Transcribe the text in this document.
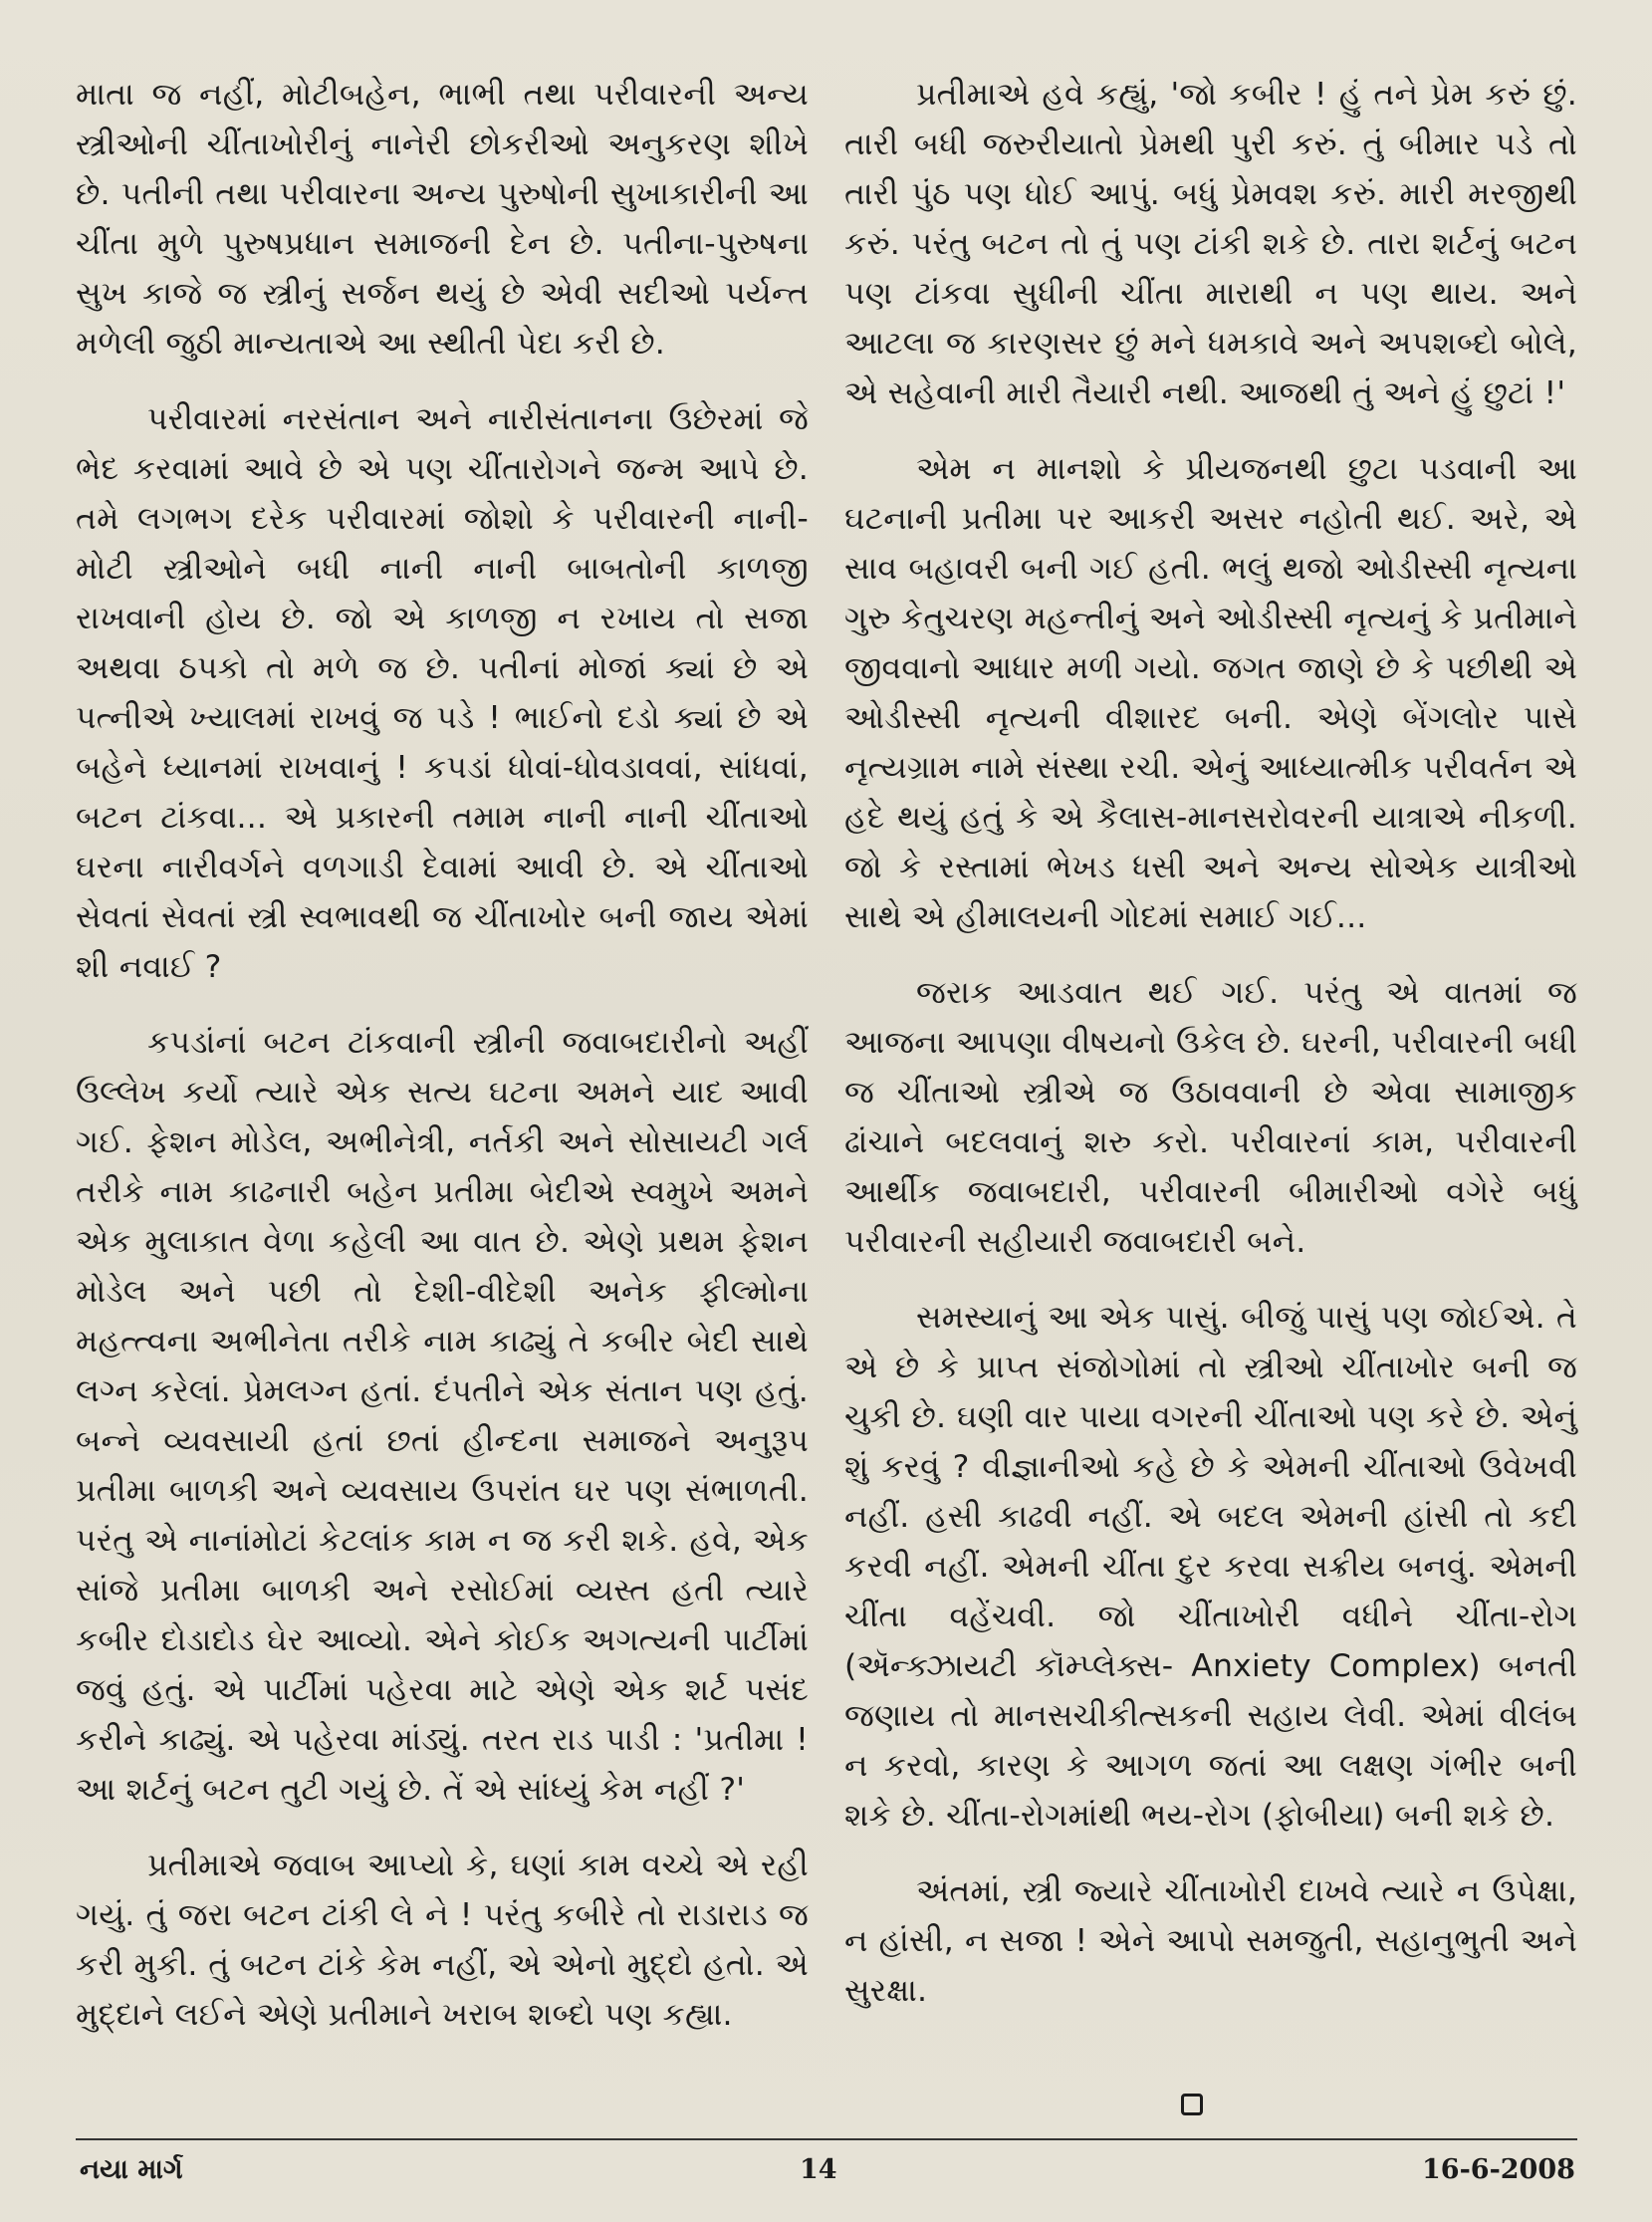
માતા જ નહીં, મોટીબહેન, ભાભી તથા પરીવારની અન્ય સ્ત્રીઓની ચીંતાખોરીનું નાનેરી છોકરીઓ અનુકરણ શીખે છે. પતીની તથા પરીવારના અન્ય પુરુષોની સુખાકારીની આ ચીંતા મુળે પુરુષપ્રધાન સમાજની દેન છે. પતીના-પુરુષના સુખ કાજે જ સ્ત્રીનું સર્જન થયું છે એવી સદીઓ પર્યન્ત મળેલી જુઠી માન્યતાએ આ સ્થીતી પેદા કરી છે.

પરીવારમાં નરસંતાન અને નારીસંતાનના ઉછેરમાં જે ભેદ કરવામાં આવે છે એ પણ ચીંતારોગને જન્મ આપે છે. તમે લગભગ દરેક પરીવારમાં જોશો કે પરીવારની નાની-મોટી સ્ત્રીઓને બધી નાની નાની બાબતોની કાળજી રાખવાની હોય છે. જો એ કાળજી ન રખાય તો સજા અથવા ઠપકો તો મળે જ છે. પતીનાં મોજાં ક્યાં છે એ પત્નીએ ખ્યાલમાં રાખવું જ પડે ! ભાઈનો દડો ક્યાં છે એ બહેને ધ્યાનમાં રાખવાનું ! કપડાં ધોવાં-ધોવડાવવાં, સાંધવાં, બટન ટાંકવા... એ પ્રકારની તમામ નાની નાની ચીંતાઓ ઘરના નારીવર્ગને વળગાડી દેવામાં આવી છે. એ ચીંતાઓ સેવતાં સેવતાં સ્ત્રી સ્વભાવથી જ ચીંતાખોર બની જાય એમાં શી નવાઈ ?

કપડાંનાં બટન ટાંકવાની સ્ત્રીની જવાબદારીનો અહીં ઉલ્લેખ કર્યો ત્યારે એક સત્ય ઘટના અમને યાદ આવી ગઈ. ફેશન મોડેલ, અભીનેત્રી, નર્તકી અને સોસાયટી ગર્લ તરીકે નામ કાઢનારી બહેન પ્રતીમા બેદીએ સ્વમુખે અમને એક મુલાકાત વેળા કહેલી આ વાત છે. એણે પ્રથમ ફેશન મોડેલ અને પછી તો દેશી-વીદેશી અનેક ફીલ્મોના મહત્ત્વના અભીનેતા તરીકે નામ કાઢ્યું તે કબીર બેદી સાથે લગ્ન કરેલાં. પ્રેમલગ્ન હતાં. દંપતીને એક સંતાન પણ હતું. બન્ને વ્યવસાયી હતાં છતાં હીન્દના સમાજને અનુરૂપ પ્રતીમા બાળકી અને વ્યવસાય ઉપરાંત ઘર પણ સંભાળતી. પરંતુ એ નાનાંમોટાં કેટલાંક કામ ન જ કરી શકે. હવે, એક સાંજે પ્રતીમા બાળકી અને રસોઈમાં વ્યસ્ત હતી ત્યારે કબીર દોડાદોડ ઘેર આવ્યો. એને કોઈક અગત્યની પાર્ટીમાં જવું હતું. એ પાર્ટીમાં પહેરવા માટે એણે એક શર્ટ પસંદ કરીને કાઢ્યું. એ પહેરવા માંડ્યું. તરત રાડ પાડી : 'પ્રતીમા ! આ શર્ટનું બટન તુટી ગયું છે. તેં એ સાંધ્યું કેમ નહીં ?'

પ્રતીમાએ જવાબ આપ્યો કે, ઘણાં કામ વચ્ચે એ રહી ગયું. તું જરા બટન ટાંકી લે ને ! પરંતુ કબીરે તો રાડારાડ જ કરી મુકી. તું બટન ટાંકે કેમ નહીં, એ એનો મુદ્દો હતો. એ મુદ્દાને લઈને એણે પ્રતીમાને ખરાબ શબ્દો પણ કહ્યા.

પ્રતીમાએ હવે કહ્યું, 'જો કબીર ! હું તને પ્રેમ કરું છું. તારી બધી જરુરીયાતો પ્રેમથી પુરી કરું. તું બીમાર પડે તો તારી પુંઠ પણ ધોઈ આપું. બધું પ્રેમવશ કરું. મારી મરજીથી કરું. પરંતુ બટન તો તું પણ ટાંકી શકે છે. તારા શર્ટનું બટન પણ ટાંકવા સુધીની ચીંતા મારાથી ન પણ થાય. અને આટલા જ કારણસર છું મને ધમકાવે અને અપશબ્દો બોલે, એ સહેવાની મારી તૈયારી નથી. આજથી તું અને હું છુટાં !'

એમ ન માનશો કે પ્રીયજનથી છુટા પડવાની આ ઘટનાની પ્રતીમા પર આકરી અસર નહોતી થઈ. અરે, એ સાવ બહાવરી બની ગઈ હતી. ભલું થજો ઓડીસ્સી નૃત્યના ગુરુ કેતુચરણ મહન્તીનું અને ઓડીસ્સી નૃત્યનું કે પ્રતીમાને જીવવાનો આધાર મળી ગયો. જગત જાણે છે કે પછીથી એ ઓડીસ્સી નૃત્યની વીશારદ બની. એણે બેંગલોર પાસે નૃત્યગ્રામ નામે સંસ્થા રચી. એનું આધ્યાત્મીક પરીવર્તન એ હદે થયું હતું કે એ કૈલાસ-માનસરોવરની યાત્રાએ નીકળી. જો કે રસ્તામાં ભેખડ ધસી અને અન્ય સોએક યાત્રીઓ સાથે એ હીમાલયની ગોદમાં સમાઈ ગઈ...

જરાક આડવાત થઈ ગઈ. પરંતુ એ વાતમાં જ આજના આપણા વીષયનો ઉકેલ છે. ઘરની, પરીવારની બધી જ ચીંતાઓ સ્ત્રીએ જ ઉઠાવવાની છે એવા સામાજીક ઢાંચાને બદલવાનું શરુ કરો. પરીવારનાં કામ, પરીવારની આર્થીક જવાબદારી, પરીવારની બીમારીઓ વગેરે બધું પરીવારની સહીયારી જવાબદારી બને.

સમસ્યાનું આ એક પાસું. બીજું પાસું પણ જોઈએ. તે એ છે કે પ્રાપ્ત સંજોગોમાં તો સ્ત્રીઓ ચીંતાખોર બની જ ચુકી છે. ઘણી વાર પાયા વગરની ચીંતાઓ પણ કરે છે. એનું શું કરવું ? વીજ્ઞાનીઓ કહે છે કે એમની ચીંતાઓ ઉવેખવી નહીં. હસી કાઢવી નહીં. એ બદલ એમની હાંસી તો કદી કરવી નહીં. એમની ચીંતા દુર કરવા સક્રીય બનવું. એમની ચીંતા વહેંચવી. જો ચીંતાખોરી વધીને ચીંતા-રોગ (ઍન્ક્ઝાયટી કૉમ્પ્લેક્સ- Anxiety Complex) બનતી જણાય તો માનસચીકીત્સકની સહાય લેવી. એમાં વીલંબ ન કરવો, કારણ કે આગળ જતાં આ લક્ષણ ગંભીર બની શકે છે. ચીંતા-રોગમાંથી ભય-રોગ (ફોબીયા) બની શકે છે.

અંતમાં, સ્ત્રી જ્યારે ચીંતાખોરી દાખવે ત્યારે ન ઉપેક્ષા, ન હાંસી, ન સજા ! એને આપો સમજુતી, સહાનુભુતી અને સુરક્ષા.

નયા માર્ગ	14	16-6-2008
